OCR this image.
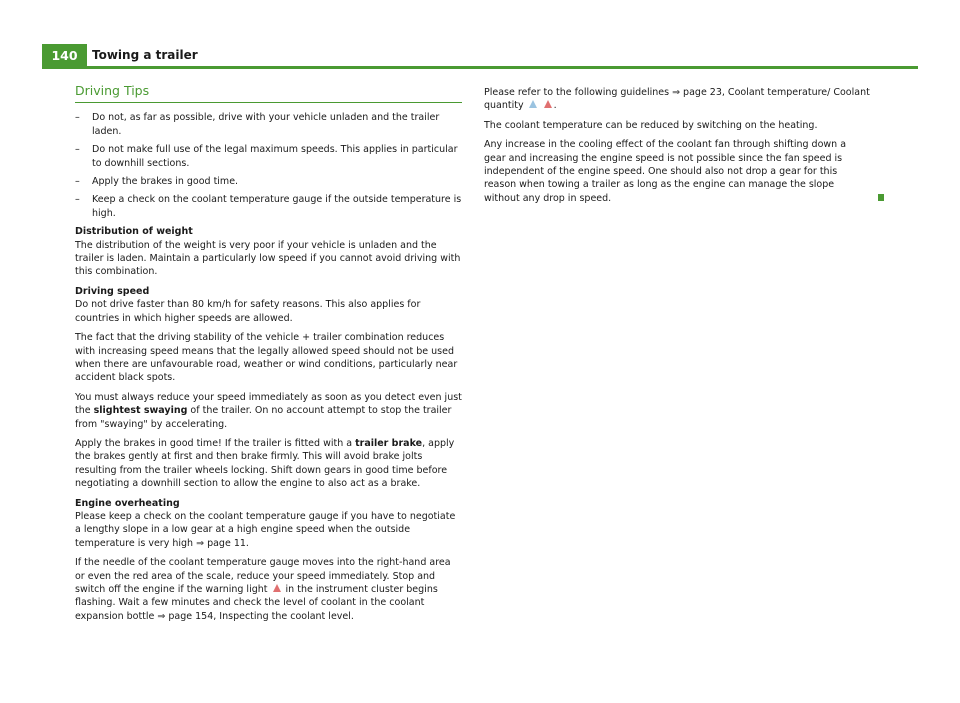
140	Towing a trailer
Driving Tips
– Do not, as far as possible, drive with your vehicle unladen and the trailer laden.
– Do not make full use of the legal maximum speeds. This applies in particular to downhill sections.
– Apply the brakes in good time.
– Keep a check on the coolant temperature gauge if the outside temperature is high.

Distribution of weight
The distribution of the weight is very poor if your vehicle is unladen and the trailer is laden. Maintain a particularly low speed if you cannot avoid driving with this combination.

Driving speed
Do not drive faster than 80 km/h for safety reasons. This also applies for countries in which higher speeds are allowed.

The fact that the driving stability of the vehicle + trailer combination reduces with increasing speed means that the legally allowed speed should not be used when there are unfavourable road, weather or wind conditions, particularly near accident black spots.

You must always reduce your speed immediately as soon as you detect even just the slightest swaying of the trailer. On no account attempt to stop the trailer from "swaying" by accelerating.

Apply the brakes in good time! If the trailer is fitted with a trailer brake, apply the brakes gently at first and then brake firmly. This will avoid brake jolts resulting from the trailer wheels locking. Shift down gears in good time before negotiating a downhill section to allow the engine to also act as a brake.

Engine overheating
Please keep a check on the coolant temperature gauge if you have to negotiate a lengthy slope in a low gear at a high engine speed when the outside temperature is very high ⇒ page 11.

If the needle of the coolant temperature gauge moves into the right-hand area or even the red area of the scale, reduce your speed immediately. Stop and switch off the engine if the warning light  in the instrument cluster begins flashing. Wait a few minutes and check the level of coolant in the coolant expansion bottle ⇒ page 154, Inspecting the coolant level.

Please refer to the following guidelines ⇒ page 23, Coolant temperature/ Coolant quantity	.

The coolant temperature can be reduced by switching on the heating.

Any increase in the cooling effect of the coolant fan through shifting down a gear and increasing the engine speed is not possible since the fan speed is independent of the engine speed. One should also not drop a gear for this reason when towing a trailer as long as the engine can manage the slope without any drop in speed.
